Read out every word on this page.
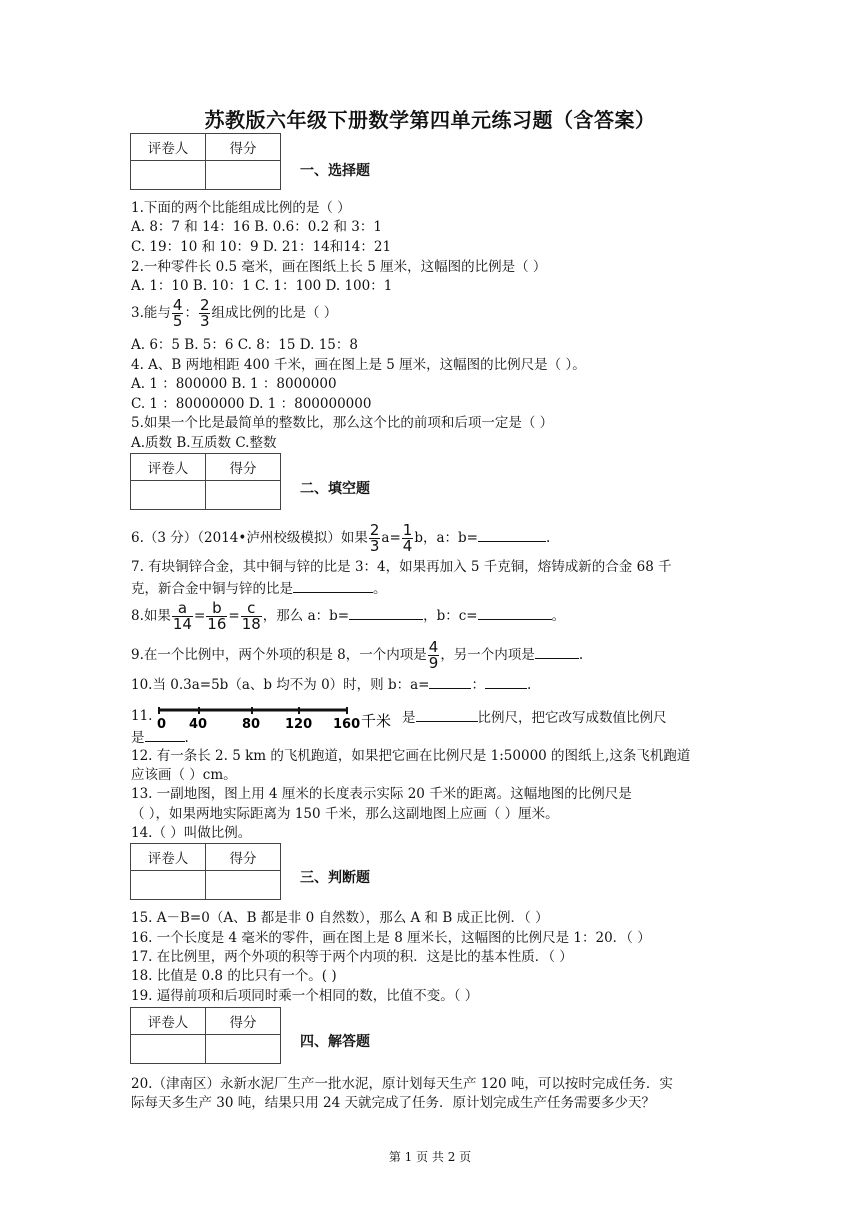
苏教版六年级下册数学第四单元练习题（含答案）
评卷人	得分

一、选择题
1.下面的两个比能组成比例的是（ ）
A. 8：7 和 14：16 B. 0.6：0.2 和 3：1
C. 19：10 和 10：9 D. 21：14和14：21
2.一种零件长 0.5 毫米，画在图纸上长 5 厘米，这幅图的比例是（ ）
A. 1：10 B. 10：1 C. 1：100 D. 100：1
3.能与 $\frac{4}{5}$ ： $\frac{2}{3}$ 组成比例的比是（ ）
A. 6：5 B. 5：6 C. 8：15 D. 15：8
4. A、B 两地相距 400 千米，画在图上是 5 厘米，这幅图的比例尺是（ ）。
A. 1 ：800000 B. 1 ：8000000
C. 1 ：80000000 D. 1 ：800000000
5.如果一个比是最简单的整数比，那么这个比的前项和后项一定是（ ）
A.质数 B.互质数 C.整数
评卷人	得分

二、填空题
6.（3 分）（2014•泸州校级模拟）如果 $\frac{2}{3} a= \frac{1}{4}$ b，a：b=	.
7. 有块铜锌合金，其中铜与锌的比是 3：4，如果再加入 5 千克铜，熔铸成新的合金 68 千
克，新合金中铜与锌的比是	。
8.如果 $\frac{a}{14} = \frac{b}{16} = \frac{c}{18}$ ，那么 a：b=	，b：c=	。
9.在一个比例中，两个外项的积是 8，一个内项是 $\frac{4}{9}$ ，另一个内项是	.
10.当 0.3a=5b（a、b 均不为 0）时，则 b：a=	：	.
11.
0 40	80 120 160 千米 是	比例尺，把它改写成数值比例尺
是	.
12. 有一条长 2. 5 km 的飞机跑道，如果把它画在比例尺是 1:50000 的图纸上,这条飞机跑道
应该画（ ）cm。
13. 一副地图，图上用 4 厘米的长度表示实际 20 千米的距离。这幅地图的比例尺是
（ ），如果两地实际距离为 150 千米，那么这副地图上应画（ ）厘米。
14.（ ）叫做比例。
评卷人	得分

三、判断题
15. A－B=0（A、B 都是非 0 自然数），那么 A 和 B 成正比例．（ ）
16. 一个长度是 4 毫米的零件，画在图上是 8 厘米长，这幅图的比例尺是 1：20．（ ）
17. 在比例里，两个外项的积等于两个内项的积．这是比的基本性质．（ ）
18. 比值是 0.8 的比只有一个。( )
19. 逼得前项和后项同时乘一个相同的数，比值不变。（ ）
评卷人	得分

四、解答题
20.（津南区）永新水泥厂生产一批水泥，原计划每天生产 120 吨，可以按时完成任务．实
际每天多生产 30 吨，结果只用 24 天就完成了任务．原计划完成生产任务需要多少天？
第 1 页 共 2 页
